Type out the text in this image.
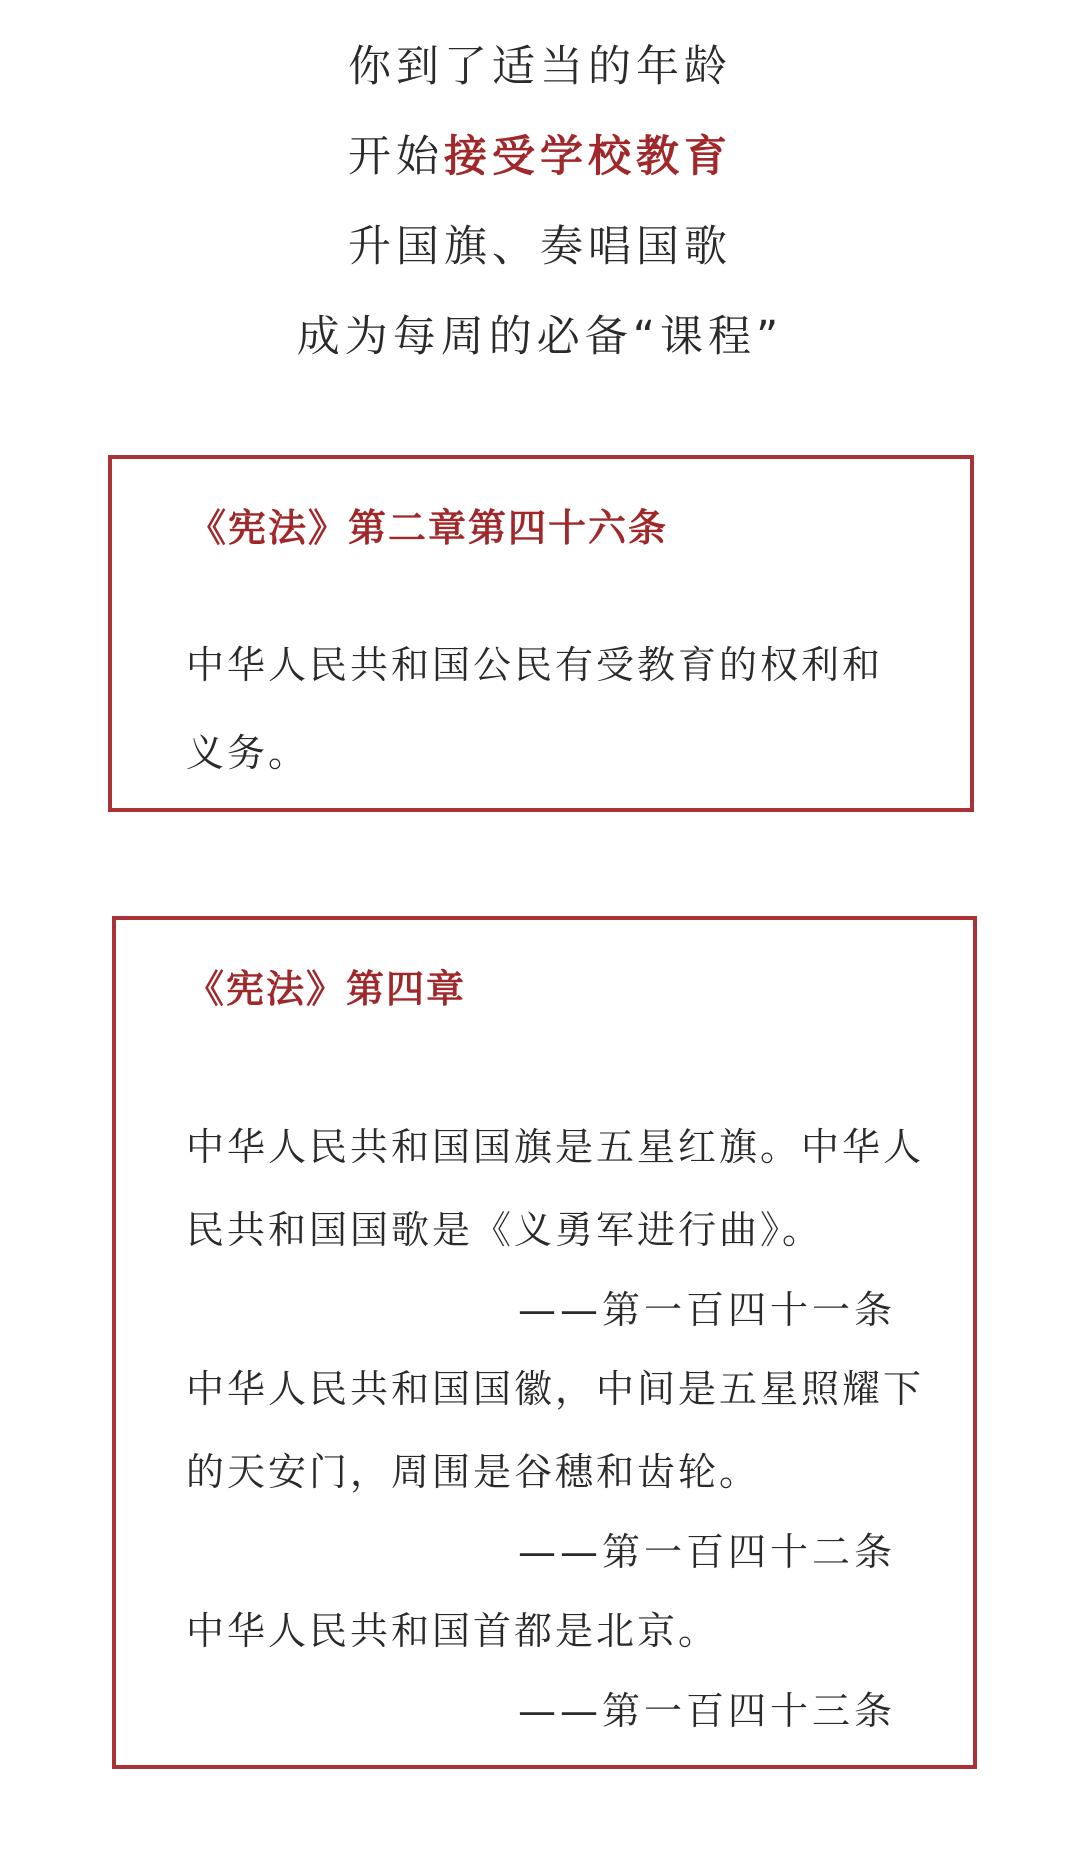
你到了适当的年龄
开始接受学校教育
升国旗、奏唱国歌
成为每周的必备“课程”
《宪法》第二章第四十六条
中华人民共和国公民有受教育的权利和义务。
《宪法》第四章
中华人民共和国国旗是五星红旗。中华人民共和国国歌是《义勇军进行曲》。
——第一百四十一条
中华人民共和国国徽，中间是五星照耀下的天安门，周围是谷穗和齿轮。
——第一百四十二条
中华人民共和国首都是北京。
——第一百四十三条
